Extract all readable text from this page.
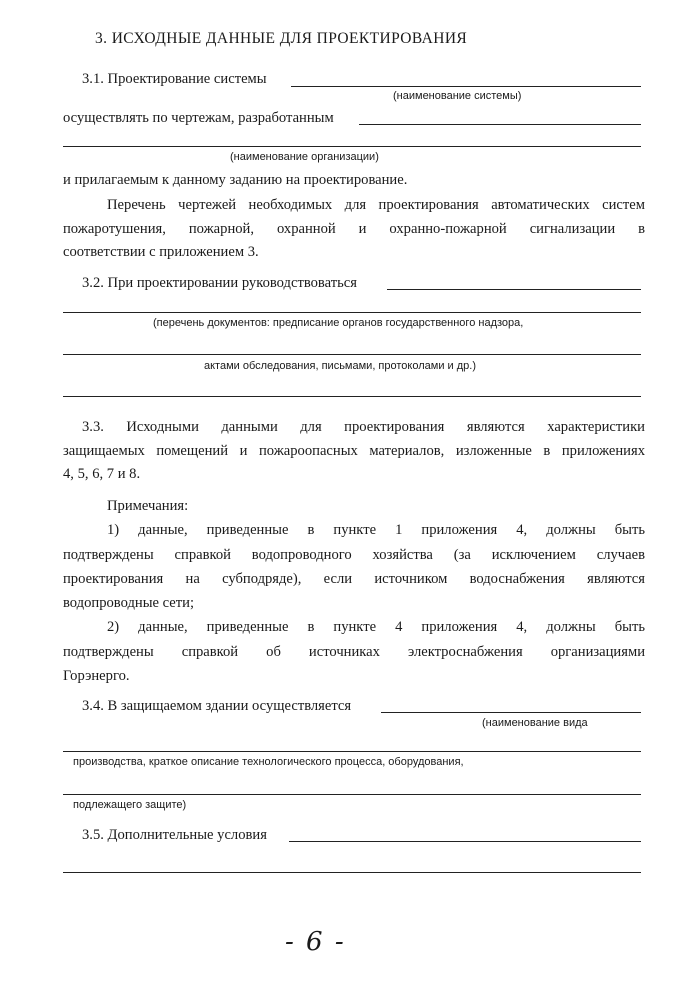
3. ИСХОДНЫЕ ДАННЫЕ ДЛЯ ПРОЕКТИРОВАНИЯ
3.1. Проектирование системы
(наименование системы)
осуществлять по чертежам, разработанным
(наименование организации)
и прилагаемым к данному заданию на проектирование.
Перечень чертежей необходимых для проектирования автоматических систем
пожаротушения, пожарной, охранной и охранно-пожарной сигнализации в
соответствии с приложением 3.
3.2. При проектировании руководствоваться
(перечень документов: предписание органов государственного надзора,
актами обследования, письмами, протоколами и др.)
3.3. Исходными данными для проектирования являются характеристики
защищаемых помещений и пожароопасных материалов, изложенные в приложениях
4, 5, 6, 7 и 8.
Примечания:
1) данные, приведенные в пункте 1 приложения 4, должны быть
подтверждены справкой водопроводного хозяйства (за исключением случаев
проектирования на субподряде), если источником водоснабжения являются
водопроводные сети;
2) данные, приведенные в пункте 4 приложения 4, должны быть
подтверждены справкой об источниках электроснабжения организациями
Горэнерго.
3.4. В защищаемом здании осуществляется
(наименование вида
производства, краткое описание технологического процесса, оборудования,
подлежащего защите)
3.5. Дополнительные условия
- 6 -
